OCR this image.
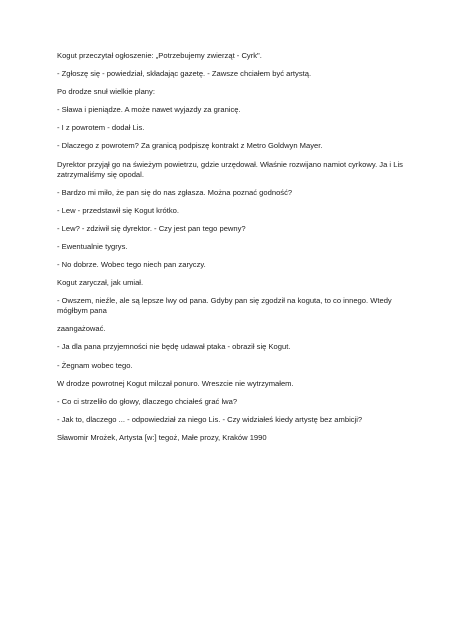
Kogut przeczytał ogłoszenie: „Potrzebujemy zwierząt - Cyrk".

- Zgłoszę się - powiedział, składając gazetę. - Zawsze chciałem być artystą.

Po drodze snuł wielkie plany:

- Sława i pieniądze. A może nawet wyjazdy za granicę.

- I z powrotem - dodał Lis.

- Dlaczego z powrotem? Za granicą podpiszę kontrakt z Metro Goldwyn Mayer.

Dyrektor przyjął go na świeżym powietrzu, gdzie urzędował. Właśnie rozwijano namiot cyrkowy. Ja i Lis zatrzymaliśmy się opodal.

- Bardzo mi miło, że pan się do nas zgłasza. Można poznać godność?

- Lew - przedstawił się Kogut krótko.

- Lew? - zdziwił się dyrektor. - Czy jest pan tego pewny?

- Ewentualnie tygrys.

- No dobrze. Wobec tego niech pan zaryczy.

Kogut zaryczał, jak umiał.

- Owszem, nieźle, ale są lepsze lwy od pana. Gdyby pan się zgodził na koguta, to co innego. Wtedy mógłbym pana

zaangażować.

- Ja dla pana przyjemności nie będę udawał ptaka - obraził się Kogut.

- Żegnam wobec tego.

W drodze powrotnej Kogut milczał ponuro. Wreszcie nie wytrzymałem.

- Co ci strzeliło do głowy, dlaczego chciałeś grać lwa?

- Jak to, dlaczego ... - odpowiedział za niego Lis. - Czy widziałeś kiedy artystę bez ambicji?

Sławomir Mrożek, Artysta [w:] tegoż, Małe prozy, Kraków 1990
